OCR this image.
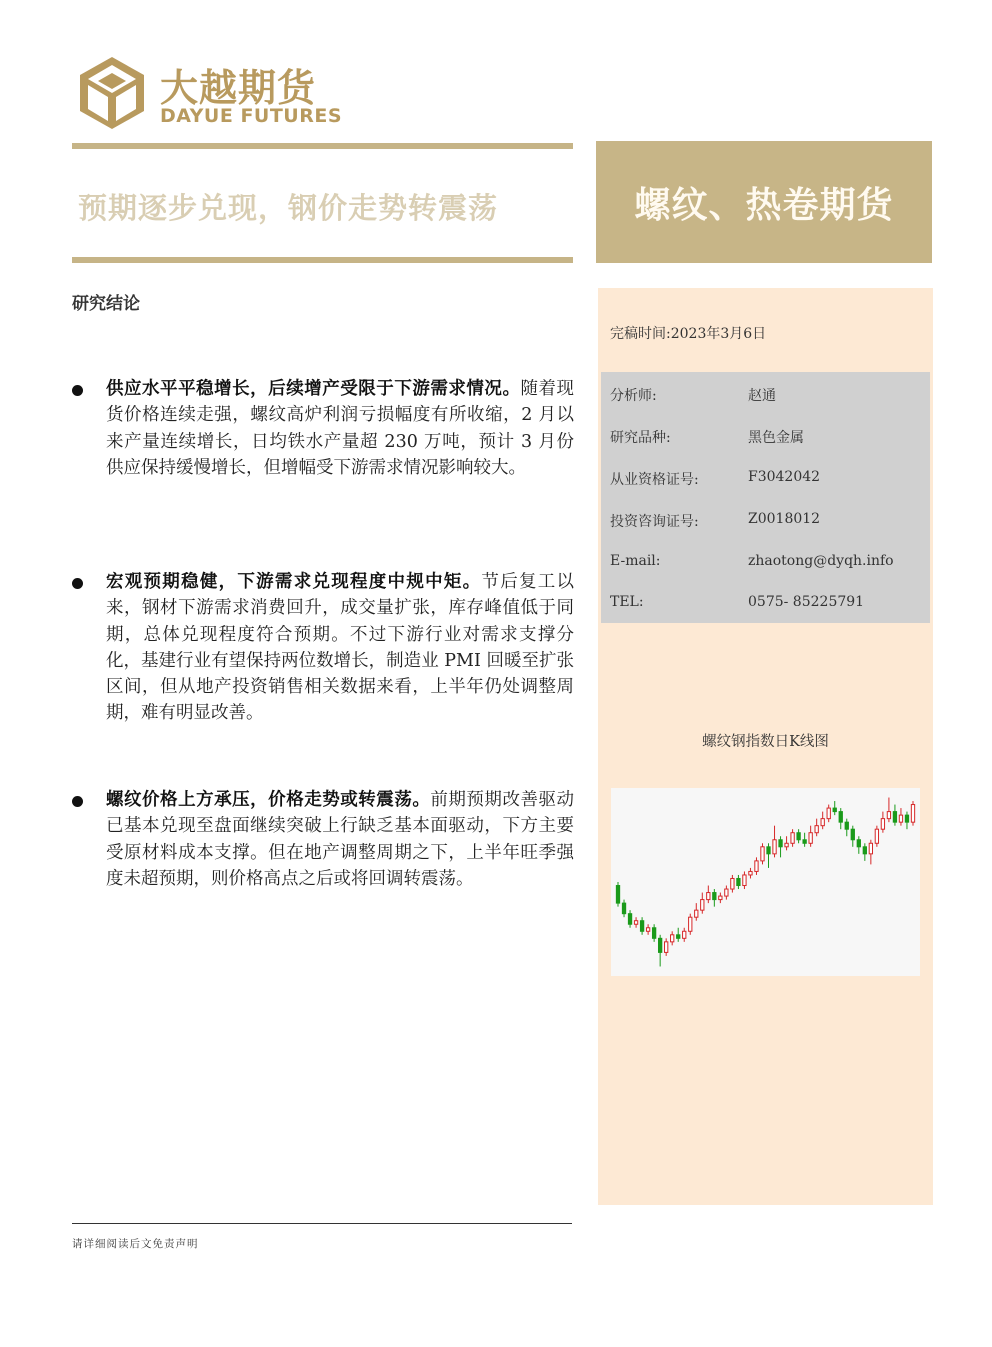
大越期货
DAYUE FUTURES
预期逐步兑现，钢价走势转震荡	螺纹、热卷期货
研究结论
供应水平平稳增长，后续增产受限于下游需求情况。随着现货价格连续走强，螺纹高炉利润亏损幅度有所收缩，2 月以来产量连续增长，日均铁水产量超 230 万吨，预计 3 月份供应保持缓慢增长，但增幅受下游需求情况影响较大。
宏观预期稳健，下游需求兑现程度中规中矩。节后复工以来，钢材下游需求消费回升，成交量扩张，库存峰值低于同期，总体兑现程度符合预期。不过下游行业对需求支撑分化，基建行业有望保持两位数增长，制造业 PMI 回暖至扩张区间，但从地产投资销售相关数据来看，上半年仍处调整周期，难有明显改善。
螺纹价格上方承压，价格走势或转震荡。前期预期改善驱动已基本兑现至盘面继续突破上行缺乏基本面驱动，下方主要受原材料成本支撑。但在地产调整周期之下，上半年旺季强度未超预期，则价格高点之后或将回调转震荡。
完稿时间:2023年3月6日
分析师:	赵通
研究品种:	黑色金属
从业资格证号:	F3042042
投资咨询证号:	Z0018012
E-mail:	zhaotong@dyqh.info
TEL:	0575- 85225791
螺纹钢指数日K线图
请详细阅读后文免责声明
